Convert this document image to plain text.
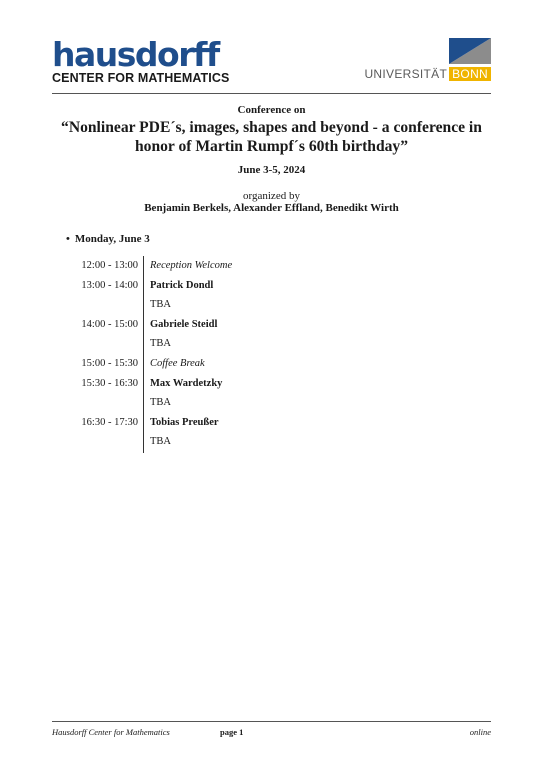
hausdorff
CENTER FOR MATHEMATICS	UNIVERSITÄT BONN
Conference on
“Nonlinear PDE´s, images, shapes and beyond - a conference in honor of Martin Rumpf´s 60th birthday”
June 3-5, 2024
organized by
Benjamin Berkels, Alexander Effland, Benedikt Wirth
• Monday, June 3
12:00 - 13:00 Reception Welcome
13:00 - 14:00 Patrick Dondl
TBA
14:00 - 15:00 Gabriele Steidl
TBA
15:00 - 15:30 Coffee Break
15:30 - 16:30 Max Wardetzky
TBA
16:30 - 17:30 Tobias Preußer
TBA
Hausdorff Center for Mathematics	page 1	online
